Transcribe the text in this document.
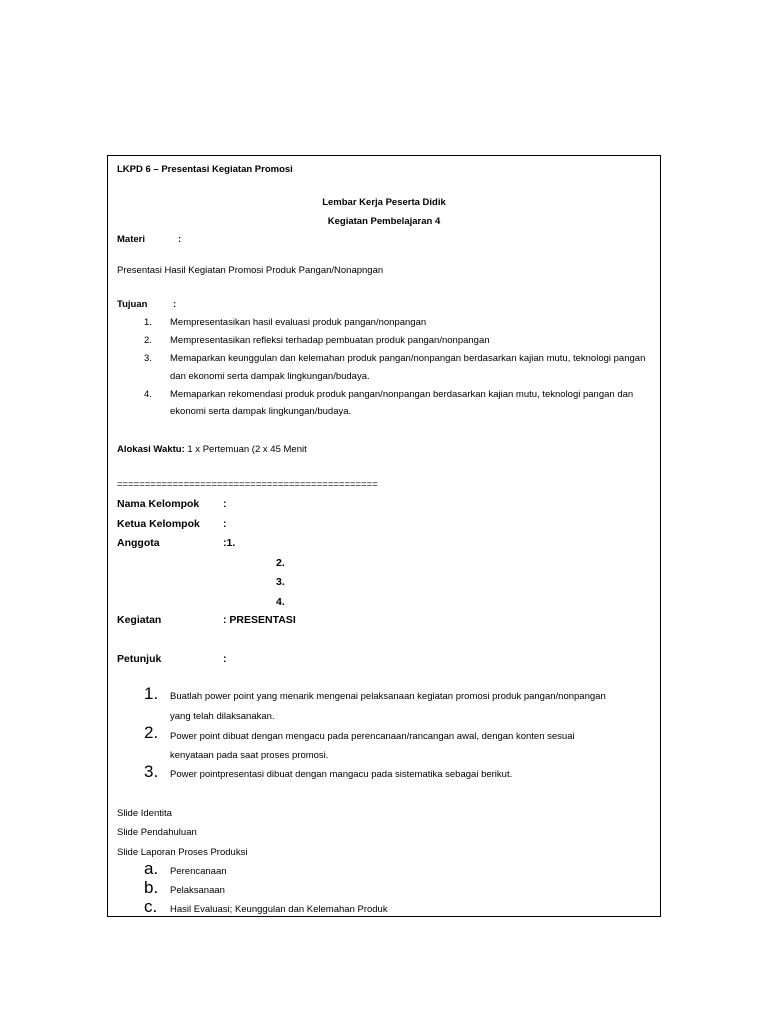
LKPD 6 – Presentasi Kegiatan Promosi
Lembar Kerja Peserta Didik
Kegiatan Pembelajaran 4
Materi	:
Presentasi Hasil Kegiatan Promosi Produk Pangan/Nonapngan
Tujuan	:
1. Mempresentasikan hasil evaluasi produk pangan/nonpangan
2. Mempresentasikan refleksi terhadap pembuatan produk pangan/nonpangan
3. Memaparkan keunggulan dan kelemahan produk pangan/nonpangan berdasarkan kajian mutu, teknologi pangan
dan ekonomi serta dampak lingkungan/budaya.
4. Memaparkan rekomendasi produk produk pangan/nonpangan berdasarkan kajian mutu, teknologi pangan dan
ekonomi serta dampak lingkungan/budaya.
Alokasi Waktu: 1 x Pertemuan (2 x 45 Menit
===============================================
Nama Kelompok :
Ketua Kelompok :
Anggota	:1.
2.
3.
4.
Kegiatan	: PRESENTASI
Petunjuk	:
1. Buatlah power point yang menarik mengenai pelaksanaan kegiatan promosi produk pangan/nonpangan
yang telah dilaksanakan.
2. Power point dibuat dengan mengacu pada perencanaan/rancangan awal, dengan konten sesuai
kenyataan pada saat proses promosi.
3. Power pointpresentasi dibuat dengan mangacu pada sistematika sebagai berikut.
Slide Identita
Slide Pendahuluan
Slide Laporan Proses Produksi
a. Perencanaan
b. Pelaksanaan
c. Hasil Evaluasi; Keunggulan dan Kelemahan Produk
